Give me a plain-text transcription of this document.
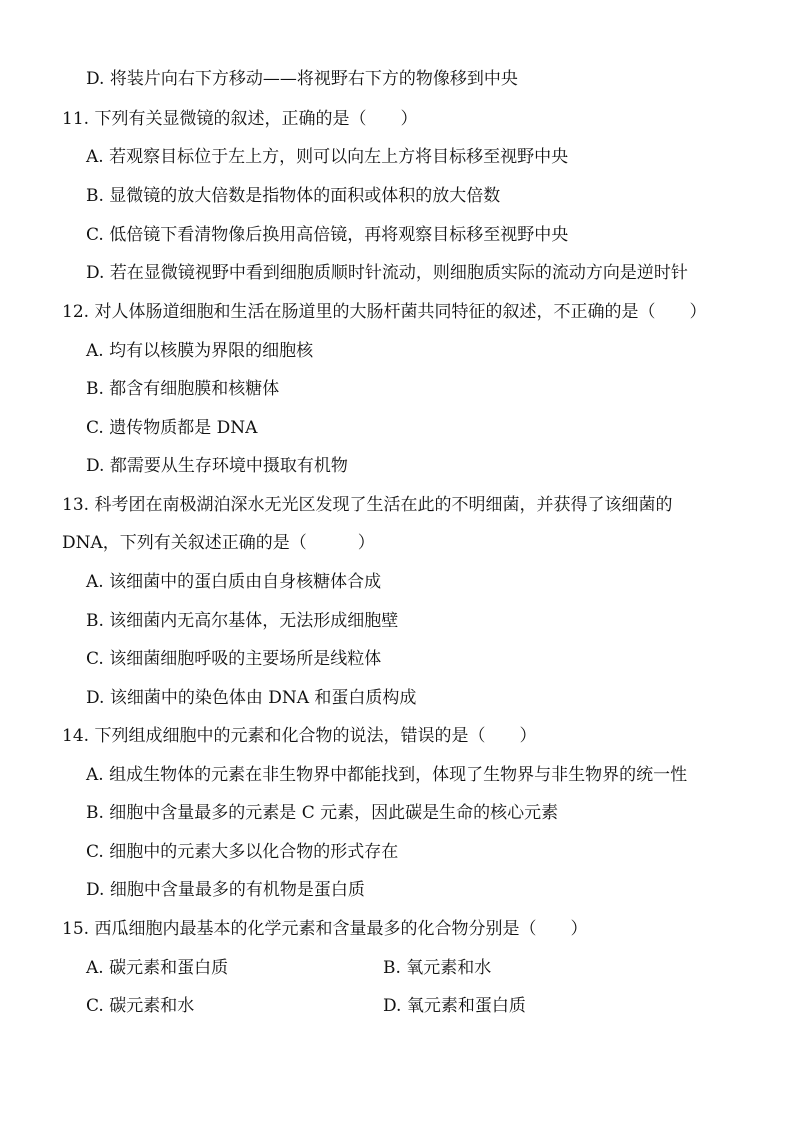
D. 将装片向右下方移动——将视野右下方的物像移到中央
11. 下列有关显微镜的叙述，正确的是（　　）
A. 若观察目标位于左上方，则可以向左上方将目标移至视野中央
B. 显微镜的放大倍数是指物体的面积或体积的放大倍数
C. 低倍镜下看清物像后换用高倍镜，再将观察目标移至视野中央
D. 若在显微镜视野中看到细胞质顺时针流动，则细胞质实际的流动方向是逆时针
12. 对人体肠道细胞和生活在肠道里的大肠杆菌共同特征的叙述，不正确的是（　　）
A. 均有以核膜为界限的细胞核
B. 都含有细胞膜和核糖体
C. 遗传物质都是 DNA
D. 都需要从生存环境中摄取有机物
13. 科考团在南极湖泊深水无光区发现了生活在此的不明细菌，并获得了该细菌的
DNA，下列有关叙述正确的是（　　　）
A. 该细菌中的蛋白质由自身核糖体合成
B. 该细菌内无高尔基体，无法形成细胞壁
C. 该细菌细胞呼吸的主要场所是线粒体
D. 该细菌中的染色体由 DNA 和蛋白质构成
14. 下列组成细胞中的元素和化合物的说法，错误的是（　　）
A. 组成生物体的元素在非生物界中都能找到，体现了生物界与非生物界的统一性
B. 细胞中含量最多的元素是 C 元素，因此碳是生命的核心元素
C. 细胞中的元素大多以化合物的形式存在
D. 细胞中含量最多的有机物是蛋白质
15. 西瓜细胞内最基本的化学元素和含量最多的化合物分别是（　　）
A. 碳元素和蛋白质	B. 氧元素和水
C. 碳元素和水	D. 氧元素和蛋白质
